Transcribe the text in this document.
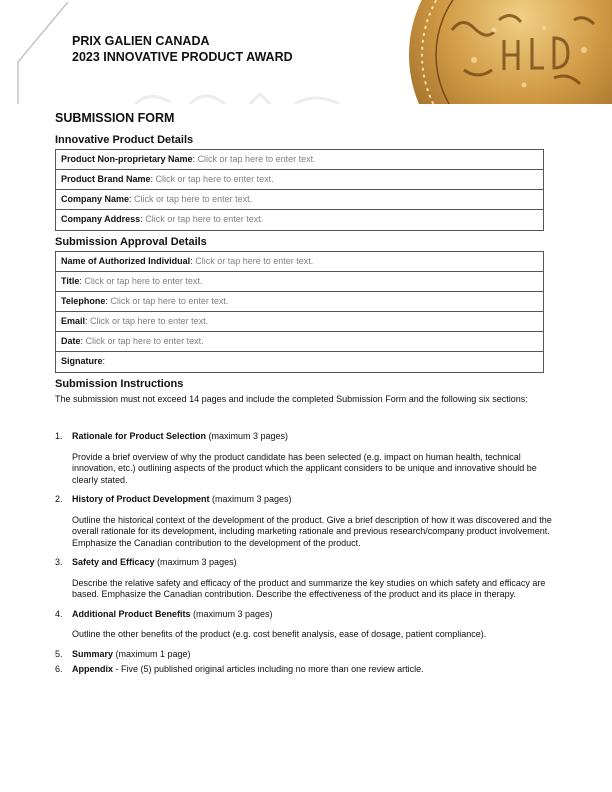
PRIX GALIEN CANADA
2023 INNOVATIVE PRODUCT AWARD
SUBMISSION FORM
Innovative Product Details
Product Non-proprietary Name: Click or tap here to enter text.
Product Brand Name: Click or tap here to enter text.
Company Name: Click or tap here to enter text.
Company Address: Click or tap here to enter text.
Submission Approval Details
Name of Authorized Individual: Click or tap here to enter text.
Title: Click or tap here to enter text.
Telephone: Click or tap here to enter text.
Email: Click or tap here to enter text.
Date: Click or tap here to enter text.
Signature:
Submission Instructions
The submission must not exceed 14 pages and include the completed Submission Form and the following six sections:
1.	Rationale for Product Selection (maximum 3 pages)
Provide a brief overview of why the product candidate has been selected (e.g. impact on human health, technical innovation, etc.) outlining aspects of the product which the applicant considers to be unique and innovative should be clearly stated.
2.	History of Product Development (maximum 3 pages)
Outline the historical context of the development of the product. Give a brief description of how it was discovered and the overall rationale for its development, including marketing rationale and previous research/company product involvement. Emphasize the Canadian contribution to the development of the product.
3.	Safety and Efficacy (maximum 3 pages)
Describe the relative safety and efficacy of the product and summarize the key studies on which safety and efficacy are based. Emphasize the Canadian contribution. Describe the effectiveness of the product and its place in therapy.
4.	Additional Product Benefits (maximum 3 pages)
Outline the other benefits of the product (e.g. cost benefit analysis, ease of dosage, patient compliance).
5.	Summary (maximum 1 page)
6.	Appendix - Five (5) published original articles including no more than one review article.
